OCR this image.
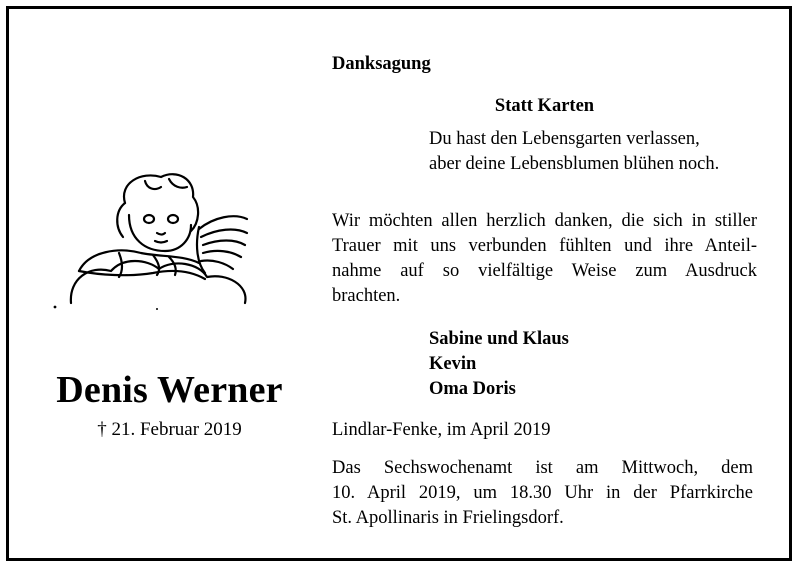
Denis Werner
† 21. Februar 2019
Danksagung
Statt Karten
Du hast den Lebensgarten verlassen,
aber deine Lebensblumen blühen noch.
Wir möchten allen herzlich danken, die sich in stiller
Trauer mit uns verbunden fühlten und ihre Anteil-
nahme auf so vielfältige Weise zum Ausdruck
brachten.
Sabine und Klaus
Kevin
Oma Doris
Lindlar-Fenke, im April 2019
Das Sechswochenamt ist am Mittwoch, dem
10. April 2019, um 18.30 Uhr in der Pfarrkirche
St. Apollinaris in Frielingsdorf.
